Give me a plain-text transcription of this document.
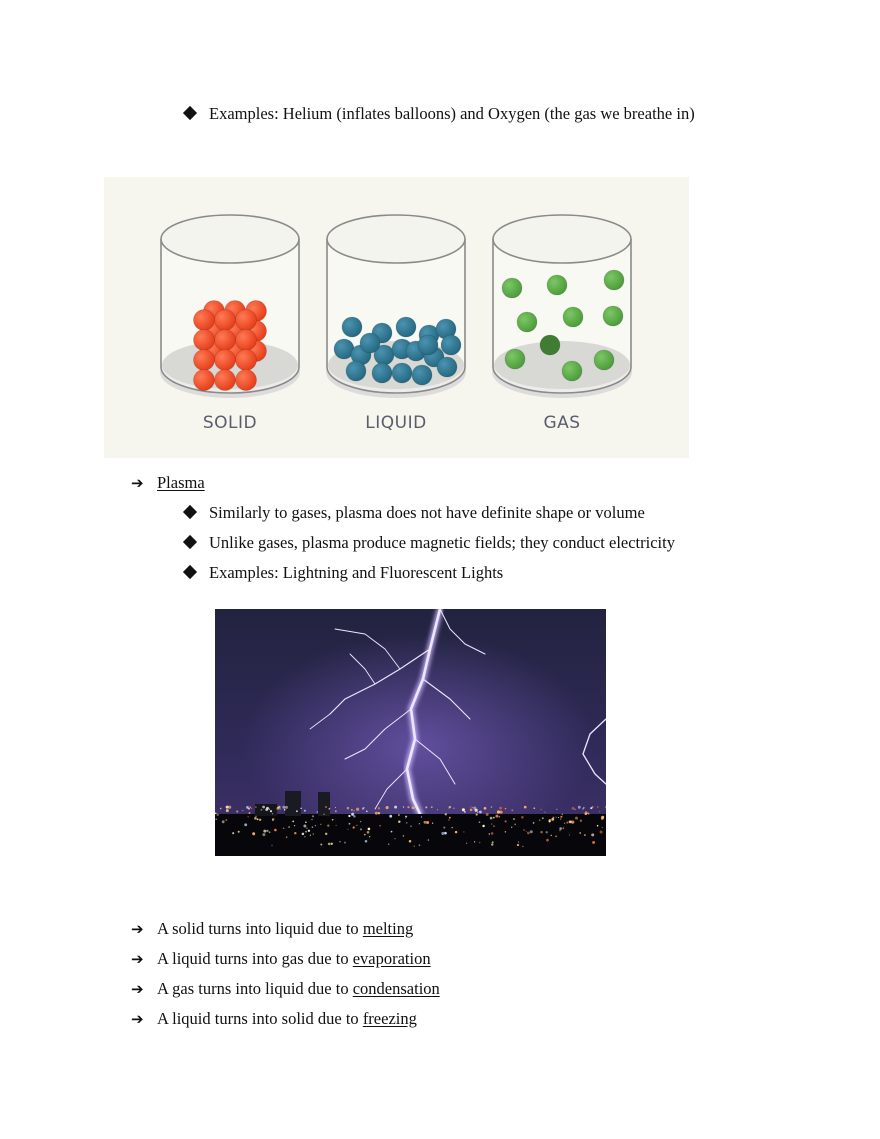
Examples: Helium (inflates balloons) and Oxygen (the gas we breathe in)
SOLID	LIQUID	GAS
➔ Plasma
Similarly to gases, plasma does not have definite shape or volume
Unlike gases, plasma produce magnetic fields; they conduct electricity
Examples: Lightning and Fluorescent Lights
➔ A solid turns into liquid due to melting
➔ A liquid turns into gas due to evaporation
➔ A gas turns into liquid due to condensation
➔ A liquid turns into solid due to freezing
